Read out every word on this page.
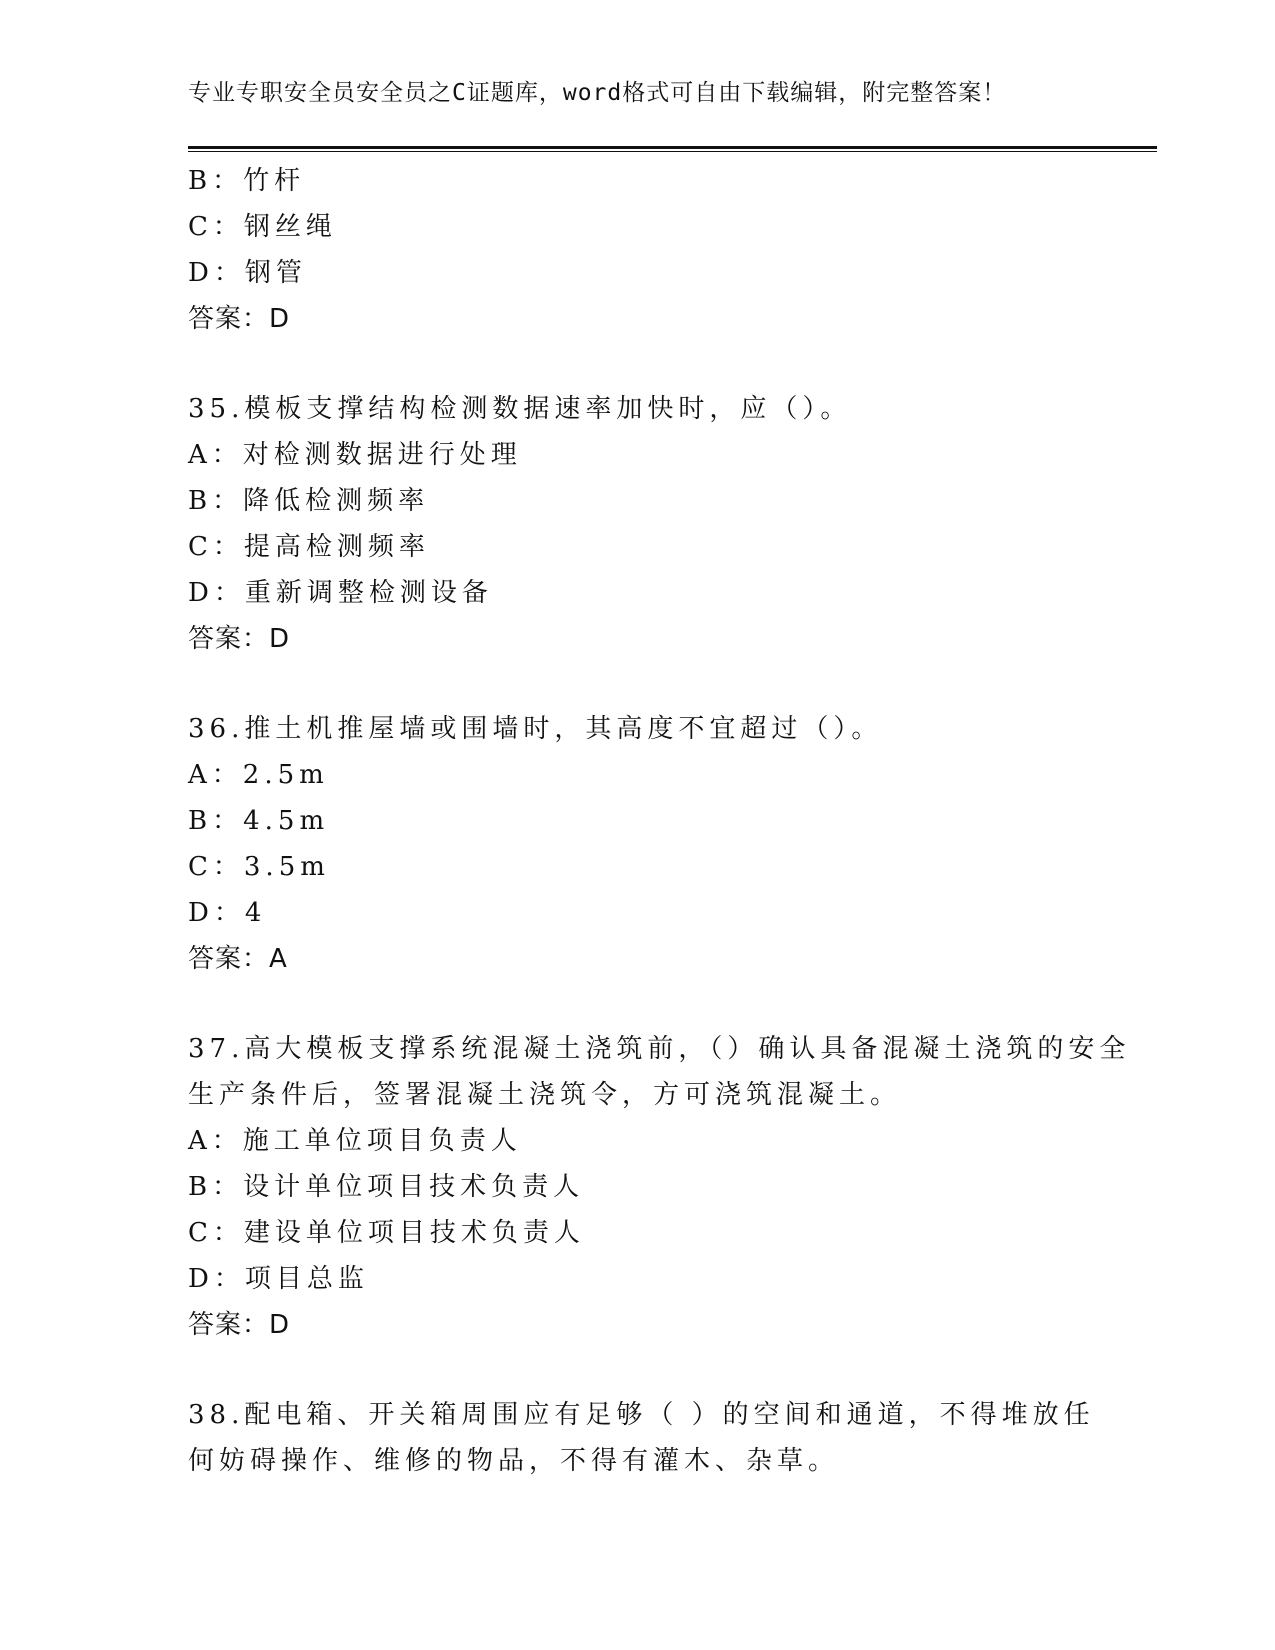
专业专职安全员安全员之C证题库，word格式可自由下载编辑，附完整答案！
B：竹杆
C：钢丝绳
D：钢管
答案：D
35.模板支撑结构检测数据速率加快时，应（）。
A：对检测数据进行处理
B：降低检测频率
C：提高检测频率
D：重新调整检测设备
答案：D
36.推土机推屋墙或围墙时，其高度不宜超过（）。
A：2.5m
B：4.5m
C：3.5m
D：4
答案：A
37.高大模板支撑系统混凝土浇筑前，（）确认具备混凝土浇筑的安全
生产条件后，签署混凝土浇筑令，方可浇筑混凝土。
A：施工单位项目负责人
B：设计单位项目技术负责人
C：建设单位项目技术负责人
D：项目总监
答案：D
38.配电箱、开关箱周围应有足够（ ）的空间和通道，不得堆放任
何妨碍操作、维修的物品，不得有灌木、杂草。
